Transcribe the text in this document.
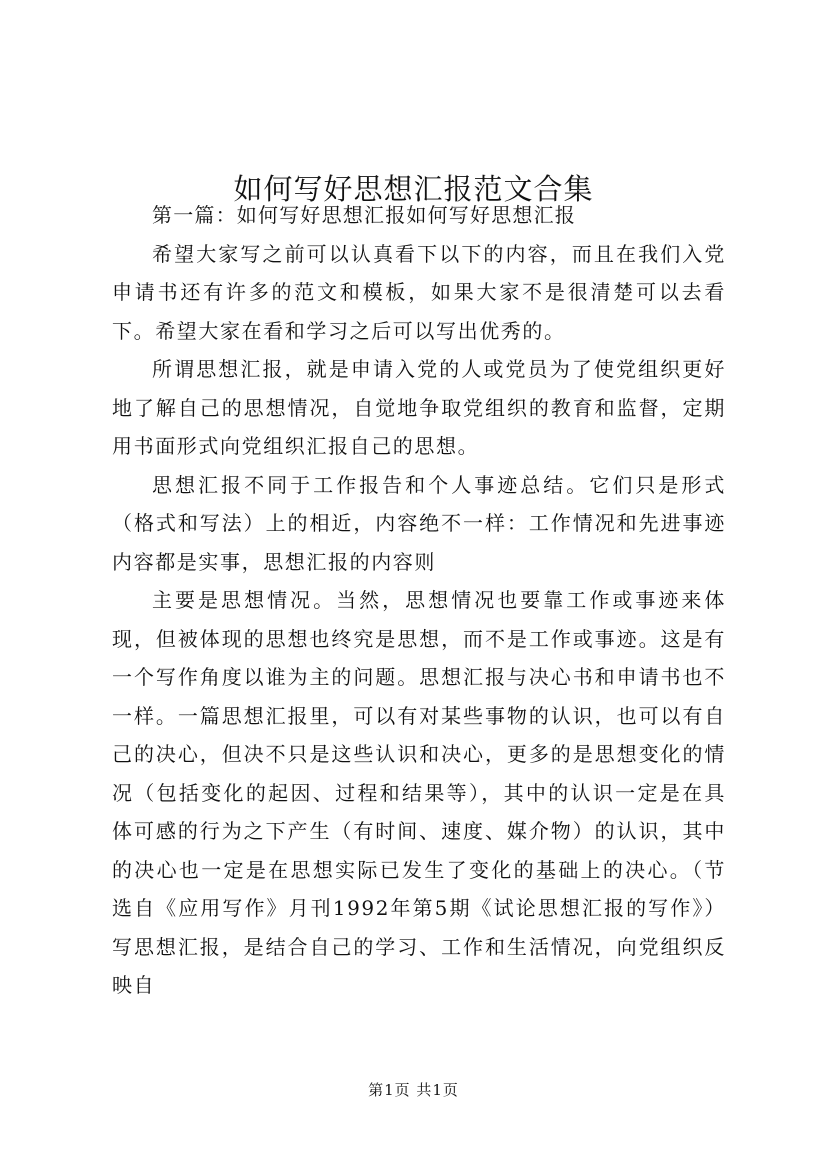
如何写好思想汇报范文合集

第一篇：如何写好思想汇报如何写好思想汇报

希望大家写之前可以认真看下以下的内容，而且在我们入党申请书还有许多的范文和模板，如果大家不是很清楚可以去看下。希望大家在看和学习之后可以写出优秀的。

所谓思想汇报，就是申请入党的人或党员为了使党组织更好地了解自己的思想情况，自觉地争取党组织的教育和监督，定期用书面形式向党组织汇报自己的思想。

思想汇报不同于工作报告和个人事迹总结。它们只是形式（格式和写法）上的相近，内容绝不一样：工作情况和先进事迹内容都是实事，思想汇报的内容则

主要是思想情况。当然，思想情况也要靠工作或事迹来体现，但被体现的思想也终究是思想，而不是工作或事迹。这是有一个写作角度以谁为主的问题。思想汇报与决心书和申请书也不一样。一篇思想汇报里，可以有对某些事物的认识，也可以有自己的决心，但决不只是这些认识和决心，更多的是思想变化的情况（包括变化的起因、过程和结果等），其中的认识一定是在具体可感的行为之下产生（有时间、速度、媒介物）的认识，其中的决心也一定是在思想实际已发生了变化的基础上的决心。（节选自《应用写作》月刊1992年第5期《试论思想汇报的写作》）写思想汇报，是结合自己的学习、工作和生活情况，向党组织反映自

第1页 共1页
